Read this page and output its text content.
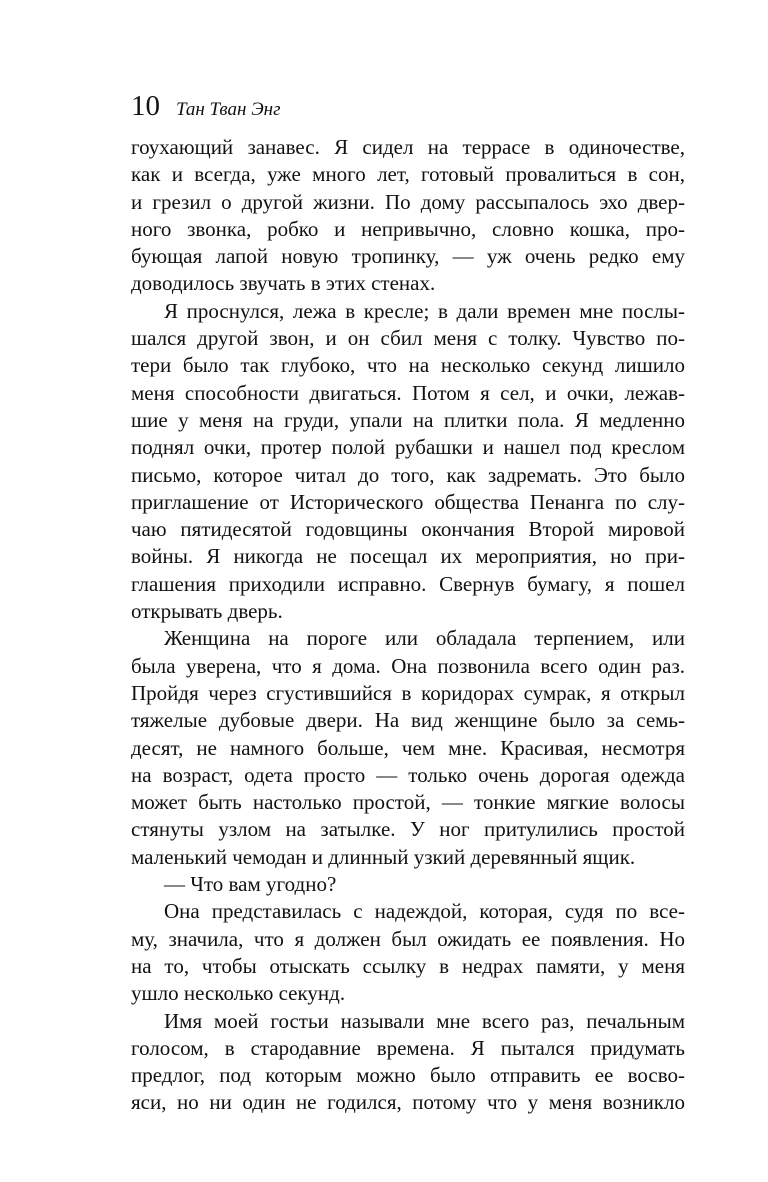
10 Тан Тван Энг
гоухающий занавес. Я сидел на террасе в одиночестве,
как и всегда, уже много лет, готовый провалиться в сон,
и грезил о другой жизни. По дому рассыпалось эхо двер-
ного звонка, робко и непривычно, словно кошка, про-
бующая лапой новую тропинку, — уж очень редко ему
доводилось звучать в этих стенах.
Я проснулся, лежа в кресле; в дали времен мне послы-
шался другой звон, и он сбил меня с толку. Чувство по-
тери было так глубоко, что на несколько секунд лишило
меня способности двигаться. Потом я сел, и очки, лежав-
шие у меня на груди, упали на плитки пола. Я медленно
поднял очки, протер полой рубашки и нашел под креслом
письмо, которое читал до того, как задремать. Это было
приглашение от Исторического общества Пенанга по слу-
чаю пятидесятой годовщины окончания Второй мировой
войны. Я никогда не посещал их мероприятия, но при-
глашения приходили исправно. Свернув бумагу, я пошел
открывать дверь.
Женщина на пороге или обладала терпением, или
была уверена, что я дома. Она позвонила всего один раз.
Пройдя через сгустившийся в коридорах сумрак, я открыл
тяжелые дубовые двери. На вид женщине было за семь-
десят, не намного больше, чем мне. Красивая, несмотря
на возраст, одета просто — только очень дорогая одежда
может быть настолько простой, — тонкие мягкие волосы
стянуты узлом на затылке. У ног притулились простой
маленький чемодан и длинный узкий деревянный ящик.
— Что вам угодно?
Она представилась с надеждой, которая, судя по все-
му, значила, что я должен был ожидать ее появления. Но
на то, чтобы отыскать ссылку в недрах памяти, у меня
ушло несколько секунд.
Имя моей гостьи называли мне всего раз, печальным
голосом, в стародавние времена. Я пытался придумать
предлог, под которым можно было отправить ее восво-
яси, но ни один не годился, потому что у меня возникло
